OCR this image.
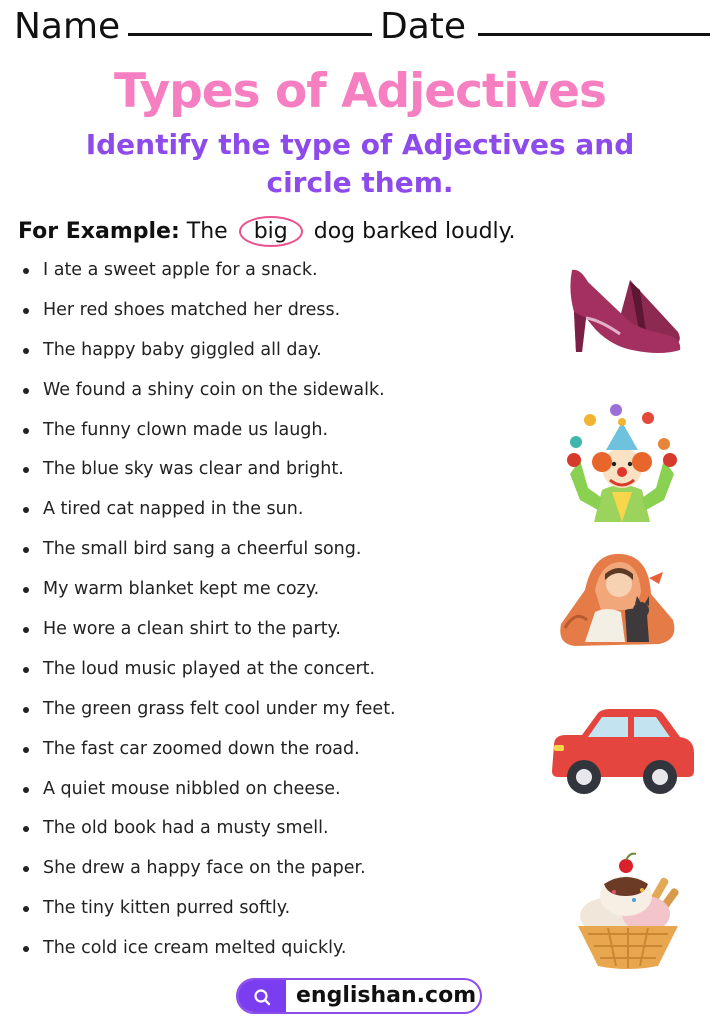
Name	Date
Types of Adjectives
Identify the type of Adjectives and
circle them.
For Example: The big dog barked loudly.
I ate a sweet apple for a snack.
Her red shoes matched her dress.
The happy baby giggled all day.
We found a shiny coin on the sidewalk.
The funny clown made us laugh.
The blue sky was clear and bright.
A tired cat napped in the sun.
The small bird sang a cheerful song.
My warm blanket kept me cozy.
He wore a clean shirt to the party.
The loud music played at the concert.
The green grass felt cool under my feet.
The fast car zoomed down the road.
A quiet mouse nibbled on cheese.
The old book had a musty smell.
She drew a happy face on the paper.
The tiny kitten purred softly.
The cold ice cream melted quickly.
englishan.com
